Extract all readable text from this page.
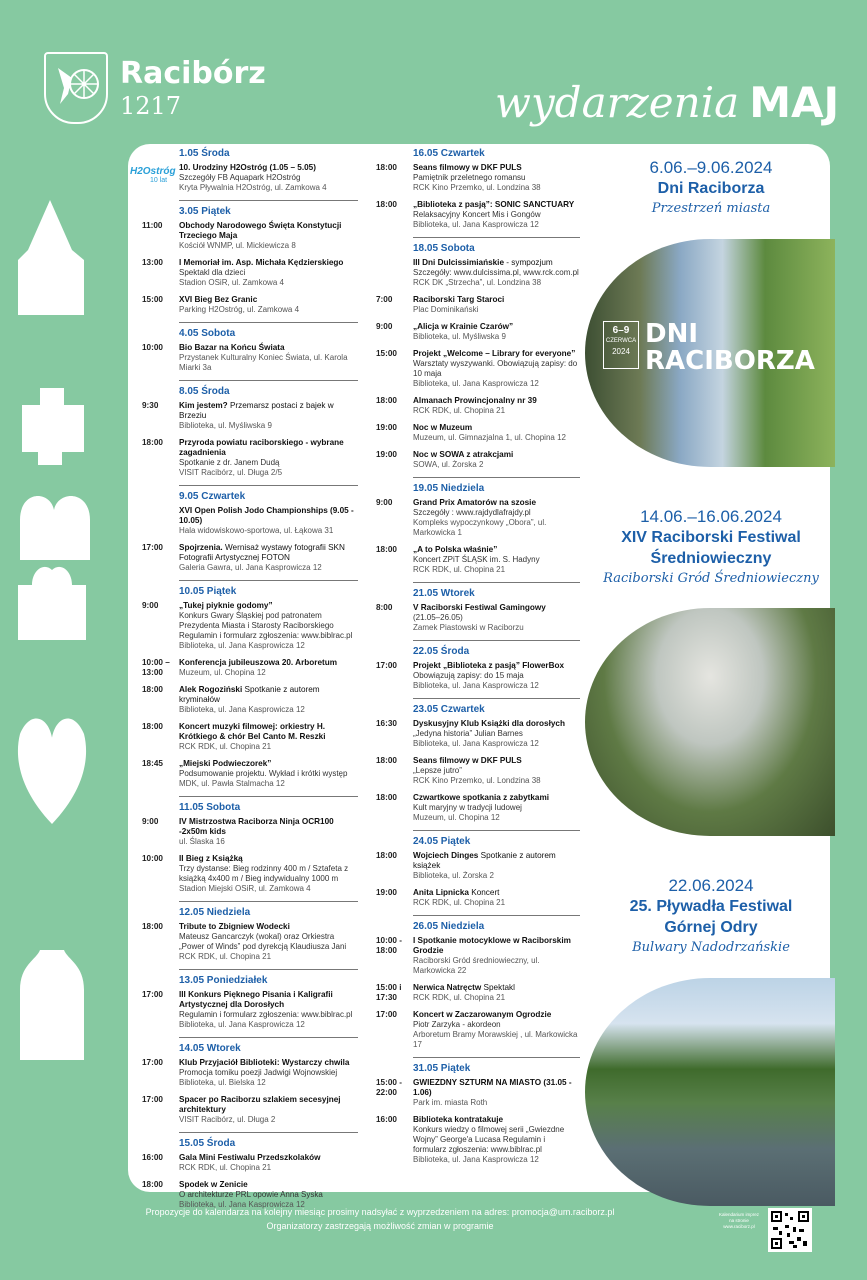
Racibórz
1217	wydarzenia MAJ
H2Ostróg
10 lat
1.05 Środa
10. Urodziny H2Ostróg (1.05 – 5.05)
Szczegóły FB Aquapark H2Ostróg
Kryta Pływalnia H2Ostróg, ul. Zamkowa 4
3.05 Piątek
11:00	Obchody Narodowego Święta Konstytucji Trzeciego Maja
Kościół WNMP, ul. Mickiewicza 8
13:00	I Memoriał im. Asp. Michała Kędzierskiego
Spektakl dla dzieci
Stadion OSiR, ul. Zamkowa 4
15:00	XVI Bieg Bez Granic
Parking H2Ostróg, ul. Zamkowa 4
4.05 Sobota
10:00	Bio Bazar na Końcu Świata
Przystanek Kulturalny Koniec Świata, ul. Karola Miarki 3a
8.05 Środa
9:30	Kim jestem? Przemarsz postaci z bajek w Brzeziu
Biblioteka, ul. Myśliwska 9
18:00	Przyroda powiatu raciborskiego - wybrane zagadnienia
Spotkanie z dr. Janem Dudą
VISIT Racibórz, ul. Długa 2/5
9.05 Czwartek
XVI Open Polish Jodo Championships (9.05 - 10.05)
Hala widowiskowo-sportowa, ul. Łąkowa 31
17:00	Spojrzenia. Wernisaż wystawy fotografii SKN Fotografii Artystycznej FOTON
Galeria Gawra, ul. Jana Kasprowicza 12
10.05 Piątek
9:00	„Tukej piyknie godomy”
Konkurs Gwary Śląskiej pod patronatem Prezydenta Miasta i Starosty Raciborskiego Regulamin i formularz zgłoszenia: www.biblrac.pl
Biblioteka, ul. Jana Kasprowicza 12
10:00 – 13:00
Konferencja jubileuszowa 20. Arboretum
Muzeum, ul. Chopina 12
18:00	Alek Rogoziński Spotkanie z autorem kryminałów
Biblioteka, ul. Jana Kasprowicza 12
18:00	Koncert muzyki filmowej: orkiestry H. Krótkiego & chór Bel Canto M. Reszki
RCK RDK, ul. Chopina 21
18:45	„Miejski Podwieczorek”
Podsumowanie projektu. Wykład i krótki występ
MDK, ul. Pawła Stalmacha 12
11.05 Sobota
9:00	IV Mistrzostwa Raciborza Ninja OCR100 -2x50m kids
ul. Ślaska 16
10:00	II Bieg z Książką
Trzy dystanse: Bieg rodzinny 400 m / Sztafeta z książką 4x400 m / Bieg indywidualny 1000 m
Stadion Miejski OSiR, ul. Zamkowa 4
12.05 Niedziela
18:00	Tribute to Zbigniew Wodecki
Mateusz Gancarczyk (wokal) oraz Orkiestra „Power of Winds” pod dyrekcją Klaudiusza Jani
RCK RDK, ul. Chopina 21
13.05 Poniedziałek
17:00	III Konkurs Pięknego Pisania i Kaligrafii Artystycznej dla Dorosłych
Regulamin i formularz zgłoszenia: www.biblrac.pl
Biblioteka, ul. Jana Kasprowicza 12
14.05 Wtorek
17:00	Klub Przyjaciół Biblioteki: Wystarczy chwila
Promocja tomiku poezji Jadwigi Wojnowskiej
Biblioteka, ul. Bielska 12
17:00	Spacer po Raciborzu szlakiem secesyjnej architektury
VISIT Racibórz, ul. Długa 2
15.05 Środa
16:00	Gala Mini Festiwalu Przedszkolaków
RCK RDK, ul. Chopina 21
18:00	Spodek w Zenicie
O architekturze PRL opowie Anna Syska
Biblioteka, ul. Jana Kasprowicza 12
16.05 Czwartek
18:00	Seans filmowy w DKF PULS
Pamiętnik przeletnego romansu
RCK Kino Przemko, ul. Londzina 38
18:00	„Biblioteka z pasją”: SONIC SANCTUARY
Relaksacyjny Koncert Mis i Gongów
Biblioteka, ul. Jana Kasprowicza 12
18.05 Sobota
III Dni Dulcissimiańskie - sympozjum
Szczegóły: www.dulcissima.pl, www.rck.com.pl
RCK DK „Strzecha”, ul. Londzina 38
7:00	Raciborski Targ Staroci
Plac Dominikański
9:00	„Alicja w Krainie Czarów”
Biblioteka, ul. Myśliwska 9
15:00	Projekt „Welcome – Library for everyone”
Warsztaty wyszywanki. Obowiązują zapisy: do 10 maja
Biblioteka, ul. Jana Kasprowicza 12
18:00	Almanach Prowincjonalny nr 39
RCK RDK, ul. Chopina 21
19:00	Noc w Muzeum
Muzeum, ul. Gimnazjalna 1, ul. Chopina 12
19:00	Noc w SOWA z atrakcjami
SOWA, ul. Żorska 2
19.05 Niedziela
9:00	Grand Prix Amatorów na szosie
Szczegóły : www.rajdydlafrajdy.pl
Kompleks wypoczynkowy „Obora”, ul. Markowicka 1
18:00	„A to Polska właśnie”
Koncert ZPiT ŚLĄSK im. S. Hadyny
RCK RDK, ul. Chopina 21
21.05 Wtorek
8:00	V Raciborski Festiwal Gamingowy
(21.05–26.05)
Zamek Piastowski w Raciborzu
22.05 Środa
17:00	Projekt „Biblioteka z pasją” FlowerBox
Obowiązują zapisy: do 15 maja
Biblioteka, ul. Jana Kasprowicza 12
23.05 Czwartek
16:30	Dyskusyjny Klub Książki dla dorosłych
„Jedyna historia” Julian Barnes
Biblioteka, ul. Jana Kasprowicza 12
18:00	Seans filmowy w DKF PULS
„Lepsze jutro”
RCK Kino Przemko, ul. Londzina 38
18:00	Czwartkowe spotkania z zabytkami
Kult maryjny w tradycji ludowej
Muzeum, ul. Chopina 12
24.05 Piątek
18:00	Wojciech Dinges Spotkanie z autorem książek
Biblioteka, ul. Żorska 2
19:00	Anita Lipnicka Koncert
RCK RDK, ul. Chopina 21
26.05 Niedziela
10:00 - 18:00
I Spotkanie motocyklowe w Raciborskim Grodzie
Raciborski Gród średniowieczny, ul. Markowicka 22
15:00 i 17:30
Nerwica Natręctw Spektakl
RCK RDK, ul. Chopina 21
17:00	Koncert w Zaczarowanym Ogrodzie
Piotr Zarzyka - akordeon
Arboretum Bramy Morawskiej , ul. Markowicka 17
31.05 Piątek
15:00 - 22:00
GWIEZDNY SZTURM NA MIASTO (31.05 - 1.06)
Park im. miasta Roth
16:00	Biblioteka kontratakuje
Konkurs wiedzy o filmowej serii „Gwiezdne Wojny” George'a Lucasa Regulamin i formularz zgłoszenia: www.biblrac.pl
Biblioteka, ul. Jana Kasprowicza 12
6.06.–9.06.2024
Dni Raciborza
Przestrzeń miasta
6–9
CZERWCA
2024
DNI
RACIBORZA
14.06.–16.06.2024
XIV Raciborski Festiwal Średniowieczny
Raciborski Gród Średniowieczny
22.06.2024
25. Pływadła Festiwal Górnej Odry
Bulwary Nadodrzańskie
Propozycje do kalendarza na kolejny miesiąc prosimy nadsyłać z wyprzedzeniem na adres: promocja@um.raciborz.pl
Organizatorzy zastrzegają możliwość zmian w programie
Kalendarium imprez na stronie www.raciborz.pl
